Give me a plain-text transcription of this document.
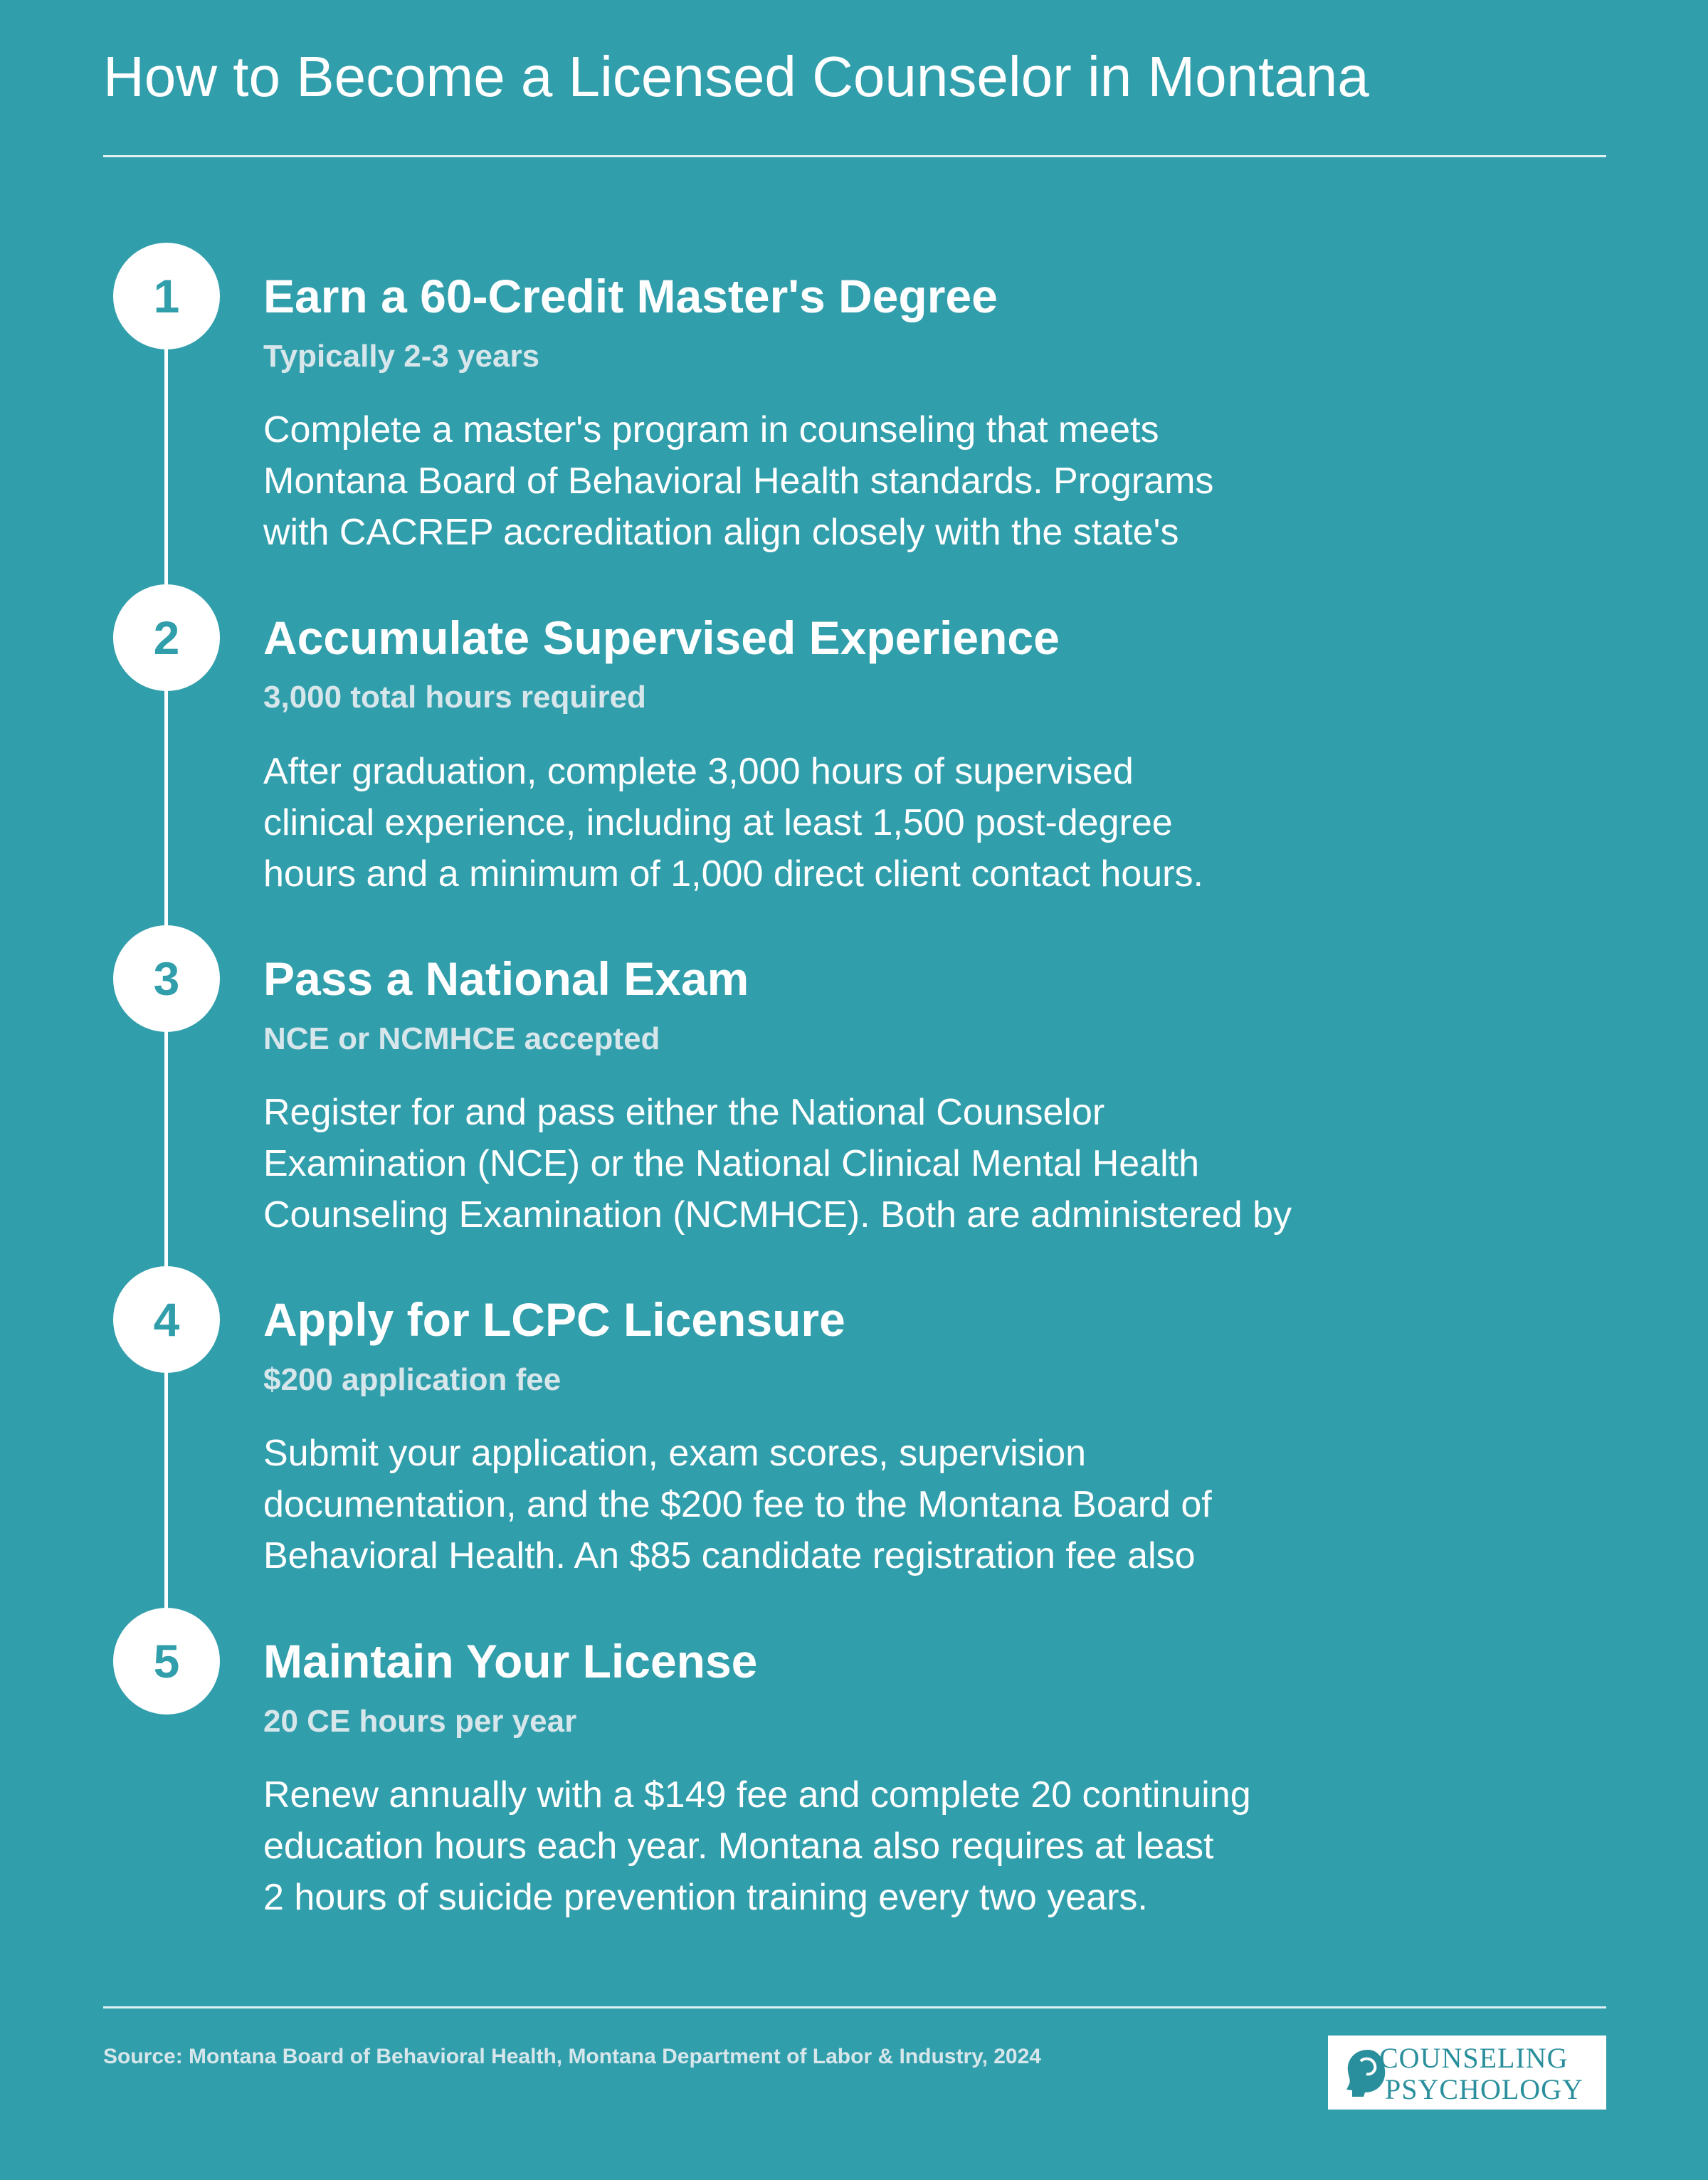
How to Become a Licensed Counselor in Montana
1	Earn a 60-Credit Master's Degree
Typically 2-3 years
Complete a master's program in counseling that meets
Montana Board of Behavioral Health standards. Programs
with CACREP accreditation align closely with the state's
2	Accumulate Supervised Experience
3,000 total hours required
After graduation, complete 3,000 hours of supervised
clinical experience, including at least 1,500 post-degree
hours and a minimum of 1,000 direct client contact hours.
3	Pass a National Exam
NCE or NCMHCE accepted
Register for and pass either the National Counselor
Examination (NCE) or the National Clinical Mental Health
Counseling Examination (NCMHCE). Both are administered by
4	Apply for LCPC Licensure
$200 application fee
Submit your application, exam scores, supervision
documentation, and the $200 fee to the Montana Board of
Behavioral Health. An $85 candidate registration fee also
5	Maintain Your License
20 CE hours per year
Renew annually with a $149 fee and complete 20 continuing
education hours each year. Montana also requires at least
2 hours of suicide prevention training every two years.
Source: Montana Board of Behavioral Health, Montana Department of Labor & Industry, 2024	COUNSELING
PSYCHOLOGY
